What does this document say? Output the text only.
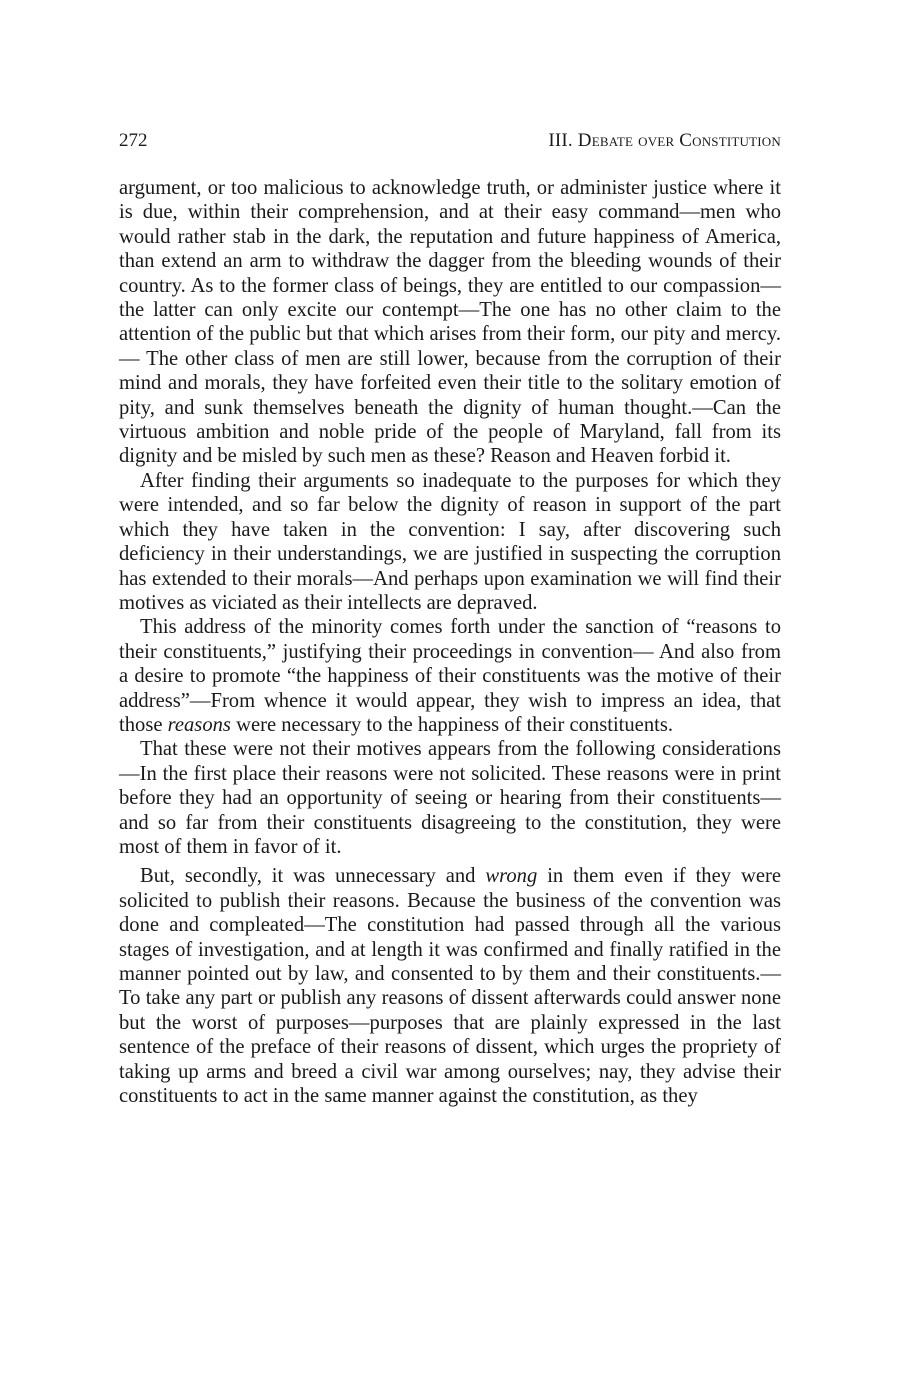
272	III. Debate over Constitution

argument, or too malicious to acknowledge truth, or administer justice where it is due, within their comprehension, and at their easy command—men who would rather stab in the dark, the reputation and future happiness of America, than extend an arm to withdraw the dagger from the bleeding wounds of their country. As to the former class of beings, they are entitled to our compassion—the latter can only excite our contempt—The one has no other claim to the attention of the public but that which arises from their form, our pity and mercy.— The other class of men are still lower, because from the corruption of their mind and morals, they have forfeited even their title to the solitary emotion of pity, and sunk themselves beneath the dignity of human thought.—Can the virtuous ambition and noble pride of the people of Maryland, fall from its dignity and be misled by such men as these? Reason and Heaven forbid it.

After finding their arguments so inadequate to the purposes for which they were intended, and so far below the dignity of reason in support of the part which they have taken in the convention: I say, after discovering such deficiency in their understandings, we are justified in suspecting the corruption has extended to their morals—And perhaps upon examination we will find their motives as viciated as their intellects are depraved.

This address of the minority comes forth under the sanction of “reasons to their constituents,” justifying their proceedings in convention— And also from a desire to promote “the happiness of their constituents was the motive of their address”—From whence it would appear, they wish to impress an idea, that those reasons were necessary to the happiness of their constituents.

That these were not their motives appears from the following considerations—In the first place their reasons were not solicited. These reasons were in print before they had an opportunity of seeing or hearing from their constituents—and so far from their constituents disagreeing to the constitution, they were most of them in favor of it.

But, secondly, it was unnecessary and wrong in them even if they were solicited to publish their reasons. Because the business of the convention was done and compleated—The constitution had passed through all the various stages of investigation, and at length it was confirmed and finally ratified in the manner pointed out by law, and consented to by them and their constituents.—To take any part or publish any reasons of dissent afterwards could answer none but the worst of purposes—purposes that are plainly expressed in the last sentence of the preface of their reasons of dissent, which urges the propriety of taking up arms and breed a civil war among ourselves; nay, they advise their constituents to act in the same manner against the constitution, as they
